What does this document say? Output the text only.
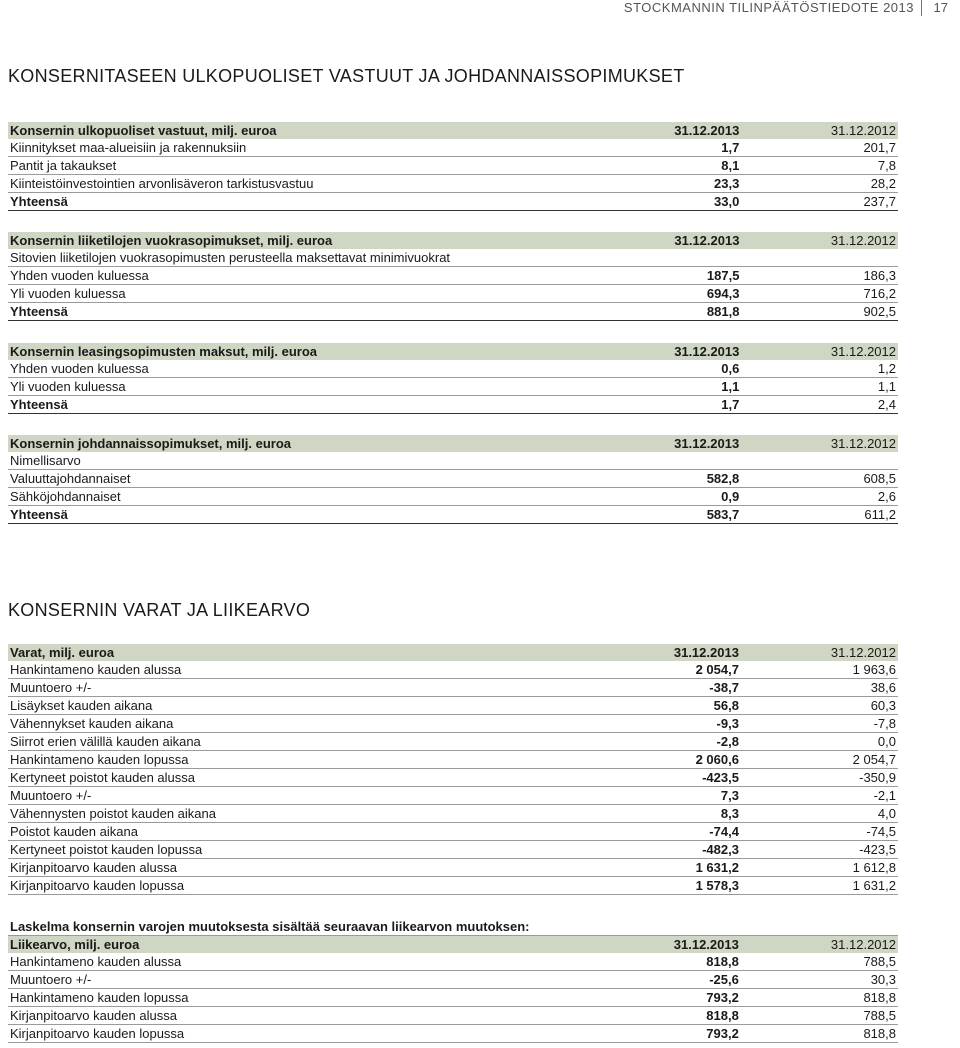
STOCKMANNIN TILINPÄÄTÖSTIEDOTE 2013 17
KONSERNITASEEN ULKOPUOLISET VASTUUT JA JOHDANNAISSOPIMUKSET
Konsernin ulkopuoliset vastuut, milj. euroa	31.12.2013	31.12.2012
Kiinnitykset maa-alueisiin ja rakennuksiin	1,7	201,7
Pantit ja takaukset	8,1	7,8
Kiinteistöinvestointien arvonlisäveron tarkistusvastuu	23,3	28,2
Yhteensä	33,0	237,7
Konsernin liiketilojen vuokrasopimukset, milj. euroa	31.12.2013	31.12.2012
Sitovien liiketilojen vuokrasopimusten perusteella maksettavat minimivuokrat		
Yhden vuoden kuluessa	187,5	186,3
Yli vuoden kuluessa	694,3	716,2
Yhteensä	881,8	902,5
Konsernin leasingsopimusten maksut, milj. euroa	31.12.2013	31.12.2012
Yhden vuoden kuluessa	0,6	1,2
Yli vuoden kuluessa	1,1	1,1
Yhteensä	1,7	2,4
Konsernin johdannaissopimukset, milj. euroa	31.12.2013	31.12.2012
Nimellisarvo		
Valuuttajohdannaiset	582,8	608,5
Sähköjohdannaiset	0,9	2,6
Yhteensä	583,7	611,2
KONSERNIN VARAT JA LIIKEARVO
Varat, milj. euroa	31.12.2013	31.12.2012
Hankintameno kauden alussa	2 054,7	1 963,6
Muuntoero +/-	-38,7	38,6
Lisäykset kauden aikana	56,8	60,3
Vähennykset kauden aikana	-9,3	-7,8
Siirrot erien välillä kauden aikana	-2,8	0,0
Hankintameno kauden lopussa	2 060,6	2 054,7
Kertyneet poistot kauden alussa	-423,5	-350,9
Muuntoero +/-	7,3	-2,1
Vähennysten poistot kauden aikana	8,3	4,0
Poistot kauden aikana	-74,4	-74,5
Kertyneet poistot kauden lopussa	-482,3	-423,5
Kirjanpitoarvo kauden alussa	1 631,2	1 612,8
Kirjanpitoarvo kauden lopussa	1 578,3	1 631,2
Laskelma konsernin varojen muutoksesta sisältää seuraavan liikearvon muutoksen:		
Liikearvo, milj. euroa	31.12.2013	31.12.2012
Hankintameno kauden alussa	818,8	788,5
Muuntoero +/-	-25,6	30,3
Hankintameno kauden lopussa	793,2	818,8
Kirjanpitoarvo kauden alussa	818,8	788,5
Kirjanpitoarvo kauden lopussa	793,2	818,8
